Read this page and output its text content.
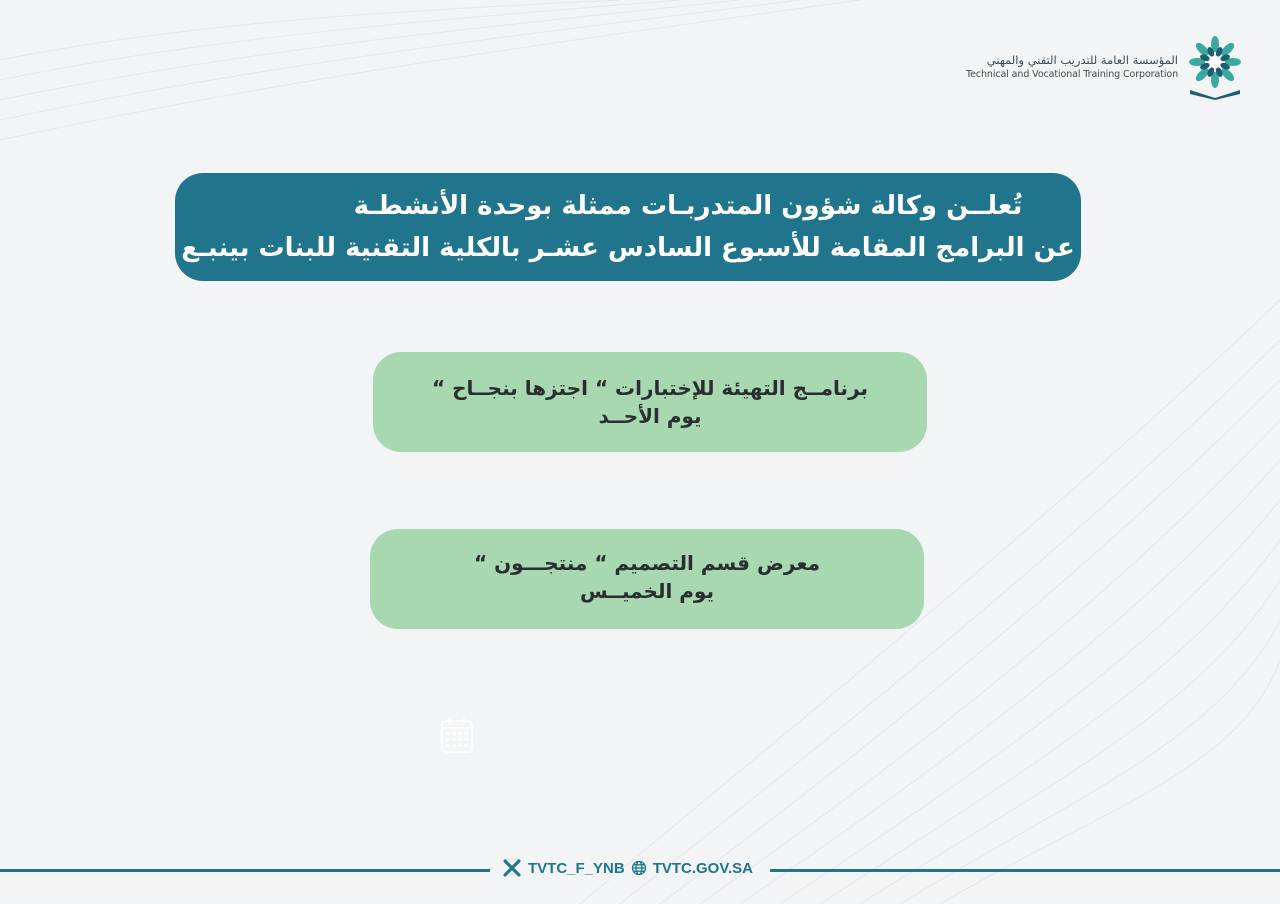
المؤسسة العامة للتدريب التقني والمهني
Technical and Vocational Training Corporation
تُعلــن وكالة شؤون المتدربـات ممثلة بوحدة الأنشطـة
عن البرامج المقامة للأسبوع السادس عشـر بالكلية التقنية للبنات بينبـع
برنامــج التهيئة للإختبارات “ اجتزها بنجــاح “
يوم الأحــد
معرض قسم التصميم “ منتجـــون “
يوم الخميــس
TVTC_F_YNB TVTC.GOV.SA
